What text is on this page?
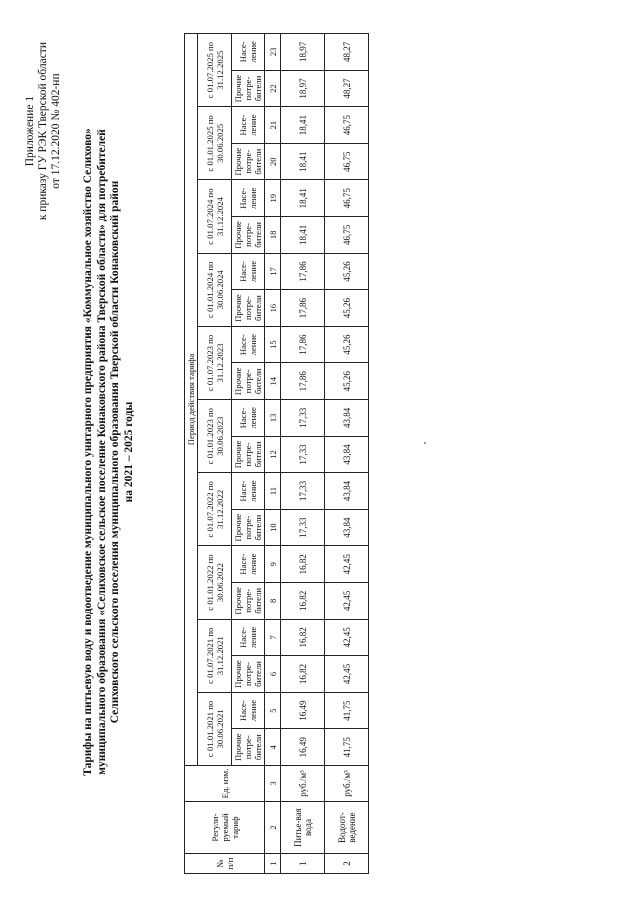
Приложение 1 к приказу ГУ РЭК Тверской области от 17.12.2020 № 402-нп Тарифы на питьевую воду и водоотведение муниципального унитарного предприятия «Коммунальное хозяйство Селихово» муниципального образования «Селиховское сельское поселение Конаковского района Тверской области» для потребителей Селиховского сельского поселения муниципального образования Тверской области Конаковский район на 2021 – 2025 годы
№ п/п	Регули-руемый тариф	Ед. изм.	Период действия тарифа																			
			с 01.01.2021 по 30.06.2021		с 01.07.2021 по 31.12.2021		с 01.01.2022 по 30.06.2022		с 01.07.2022 по 31.12.2022		с 01.01.2023 по 30.06.2023		с 01.07.2023 по 31.12.2023		с 01.01.2024 по 30.06.2024		с 01.07.2024 по 31.12.2024		с 01.01.2025 по 30.06.2025		с 01.07.2025 по 31.12.2025	
			Прочие потре-бители	Насе-ление	Прочие потре-бители	Насе-ление	Прочие потре-бители	Насе-ление	Прочие потре-бители	Насе-ление	Прочие потре-бители	Насе-ление	Прочие потре-бители	Насе-ление	Прочие потре-бители	Насе-ление	Прочие потре-бители	Насе-ление	Прочие потре-бители	Насе-ление	Прочие потре-бители	Насе-ление
1	2	3	4	5	6	7	8	9	10	11	12	13	14	15	16	17	18	19	20	21	22	23
1	Питье-вая вода	руб./м³	16,49	16,49	16,82	16,82	16,82	16,82	17,33	17,33	17,33	17,33	17,86	17,86	17,86	17,86	18,41	18,41	18,41	18,41	18,97	18,97
2	Водоот-ведение	руб./м³	41,75	41,75	42,45	42,45	42,45	42,45	43,84	43,84	43,84	43,84	45,26	45,26	45,26	45,26	46,75	46,75	46,75	46,75	48,27	48,27
